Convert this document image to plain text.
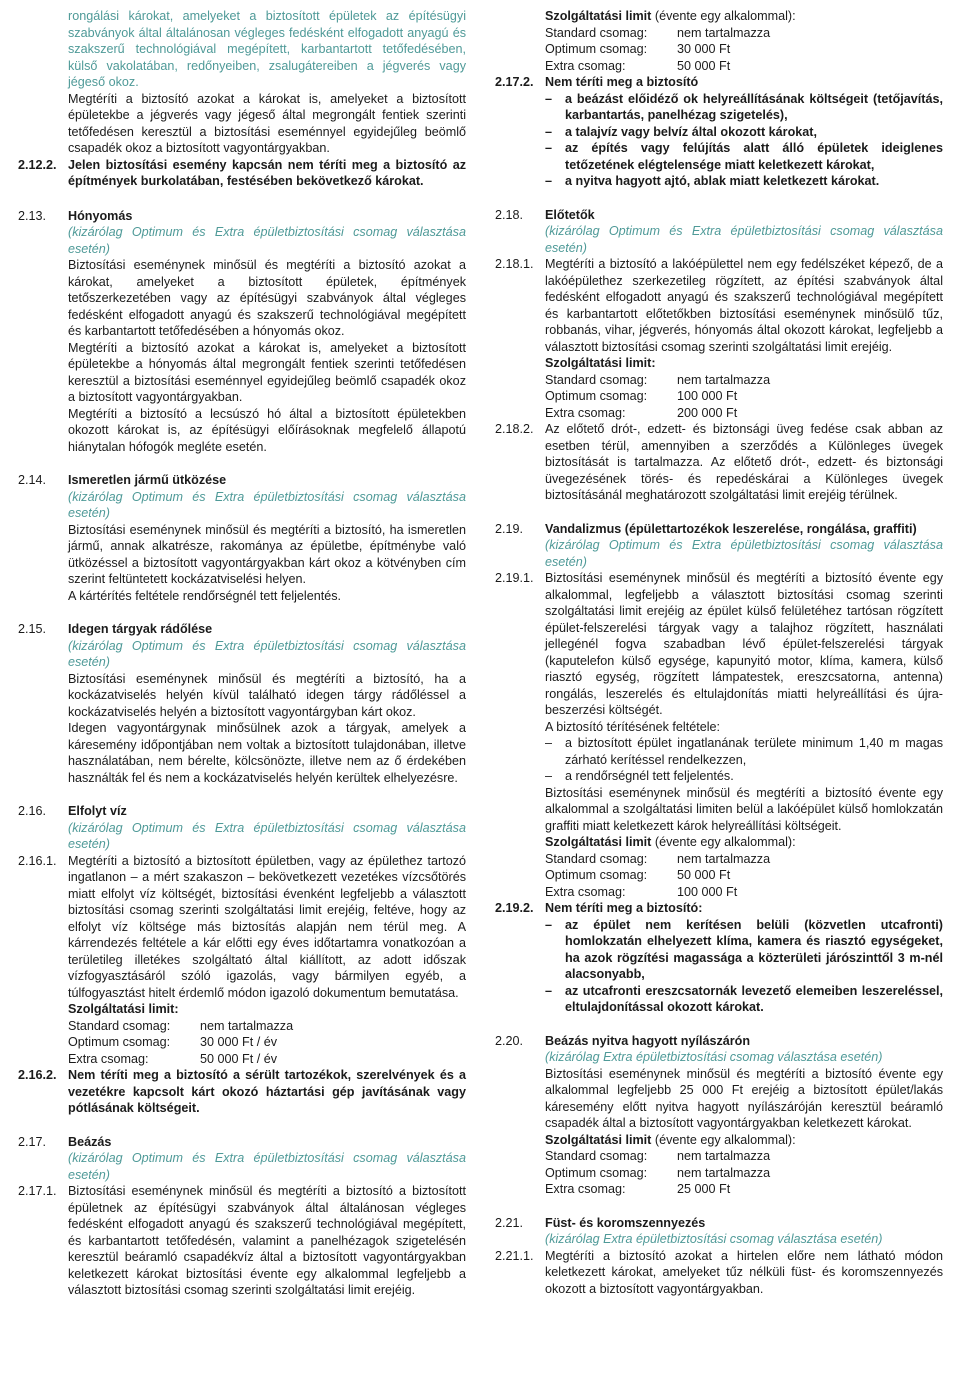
rongálási károkat, amelyeket a biztosított épületek az építésügyi szabványok által általánosan végleges fedésként elfogadott anyagú és szakszerű technológiával megépített, karbantartott tetőfedésében, külső vakolatában, redőnyeiben, zsalugátereiben a jégverés vagy jégeső okoz.

Megtéríti a biztosító azokat a károkat is, amelyeket a biztosított épületekbe a jégverés vagy jégeső által megrongált fentiek szerinti tetőfedésen keresztül a biztosítási eseménnyel egyidejűleg beömlő csapadék okoz a biztosított vagyontárgyakban.

2.12.2. Jelen biztosítási esemény kapcsán nem téríti meg a biztosító az építmények burkolatában, festésében bekövetkező károkat.
2.13.	Hónyomás

(kizárólag Optimum és Extra épületbiztosítási csomag választása esetén)

Biztosítási eseménynek minősül és megtéríti a biztosító azokat a károkat, amelyeket a biztosított épületek, építmények tetőszerkezetében vagy az építésügyi szabványok által végleges fedésként elfogadott anyagú és szakszerű technológiával megépített és karbantartott tetőfedésében a hónyomás okoz.

Megtéríti a biztosító azokat a károkat is, amelyeket a biztosított épületekbe a hónyomás által megrongált fentiek szerinti tetőfedésen keresztül a biztosítási eseménnyel egyidejűleg beömlő csapadék okoz a biztosított vagyontárgyakban.

Megtéríti a biztosító a lecsúszó hó által a biztosított épületekben okozott károkat is, az építésügyi előírásoknak megfelelő állapotú hiánytalan hófogók megléte esetén.

2.14.	Ismeretlen jármű ütközése

(kizárólag Optimum és Extra épületbiztosítási csomag választása esetén)

Biztosítási eseménynek minősül és megtéríti a biztosító, ha ismeretlen jármű, annak alkatrésze, rakománya az épületbe, építménybe való ütközéssel a biztosított vagyontárgyakban kárt okoz a kötvényben cím szerint feltüntetett kockázatviselési helyen.

A kártérítés feltétele rendőrségnél tett feljelentés.

2.15.	Idegen tárgyak rádőlése

(kizárólag Optimum és Extra épületbiztosítási csomag választása esetén)

Biztosítási eseménynek minősül és megtéríti a biztosító, ha a kockázatviselés helyén kívül található idegen tárgy rádőléssel a kockázatviselés helyén a biztosított vagyontárgyban kárt okoz.

Idegen vagyontárgynak minősülnek azok a tárgyak, amelyek a káresemény időpontjában nem voltak a biztosított tulajdonában, illetve használatában, nem bérelte, kölcsönözte, illetve nem az ő érdekében használták fel és nem a kockázatviselés helyén kerültek elhelyezésre.

2.16.	Elfolyt víz

(kizárólag Optimum és Extra épületbiztosítási csomag választása esetén)

2.16.1. Megtéríti a biztosító a biztosított épületben, vagy az épülethez tartozó ingatlanon – a mért szakaszon – bekövetkezett vezetékes vízcsőtörés miatt elfolyt víz költségét, biztosítási évenként legfeljebb a választott biztosítási csomag szerinti szolgáltatási limit erejéig, feltéve, hogy az elfolyt víz költsége más biztosítás alapján nem térül meg. A kárrendezés feltétele a kár előtti egy éves időtartamra vonatkozóan a területileg illetékes szolgáltató által kiállított, az adott időszak vízfogyasztásáról szóló igazolás, vagy bármilyen egyéb, a túlfogyasztást hitelt érdemlő módon igazoló dokumentum bemutatása.

Szolgáltatási limit:

Standard csomag:	nem tartalmazza
Optimum csomag:	30 000 Ft / év
Extra csomag:	50 000 Ft / év
2.16.2. Nem téríti meg a biztosító a sérült tartozékok, szerelvények és a vezetékre kapcsolt kárt okozó háztartási gép javításának vagy pótlásának költségeit.
2.17.	Beázás

(kizárólag Optimum és Extra épületbiztosítási csomag választása esetén)

2.17.1. Biztosítási eseménynek minősül és megtéríti a biztosító a biztosított épületnek az építésügyi szabványok által általánosan végleges fedésként elfogadott anyagú és szakszerű technológiával megépített, és karbantartott tetőfedésén, valamint a panelhézagok szigetelésén keresztül beáramló csapadékvíz által a biztosított vagyontárgyakban keletkezett károkat biztosítási évente egy alkalommal legfeljebb a választott biztosítási csomag szerinti szolgáltatási limit erejéig.

Szolgáltatási limit (évente egy alkalommal):

Standard csomag:	nem tartalmazza
Optimum csomag:	30 000 Ft
Extra csomag:	50 000 Ft
2.17.2. Nem téríti meg a biztosító

–	a beázást előidéző ok helyreállításának költségeit (tetőjavítás, karbantartás, panelhézag szigetelés),
–	a talajvíz vagy belvíz által okozott károkat,
–	az építés vagy felújítás alatt álló épületek ideiglenes tetőzetének elégtelensége miatt keletkezett károkat,
–	a nyitva hagyott ajtó, ablak miatt keletkezett károkat.
2.18.	Előtetők

(kizárólag Optimum és Extra épületbiztosítási csomag választása esetén)

2.18.1. Megtéríti a biztosító a lakóépülettel nem egy fedélszéket képező, de a lakóépülethez szerkezetileg rögzített, az építési szabványok által fedésként elfogadott anyagú és szakszerű technológiával megépített és karbantartott előtetőkben biztosítási eseménynek minősülő tűz, robbanás, vihar, jégverés, hónyomás által okozott károkat, legfeljebb a választott biztosítási csomag szerinti szolgáltatási limit erejéig.

Szolgáltatási limit:

Standard csomag:	nem tartalmazza
Optimum csomag:	100 000 Ft
Extra csomag:	200 000 Ft
2.18.2. Az előtető drót-, edzett- és biztonsági üveg fedése csak abban az esetben térül, amennyiben a szerződés a Különleges üvegek biztosítását is tartalmazza. Az előtető drót-, edzett- és biztonsági üvegezésének törés- és repedéskárai a Különleges üvegek biztosításánál meghatározott szolgáltatási limit erejéig térülnek.
2.19.	Vandalizmus (épülettartozékok leszerelése, rongálása, graffiti)

(kizárólag Optimum és Extra épületbiztosítási csomag választása esetén)

2.19.1. Biztosítási eseménynek minősül és megtéríti a biztosító évente egy alkalommal, legfeljebb a választott biztosítási csomag szerinti szolgáltatási limit erejéig az épület külső felületéhez tartósan rögzített épület-felszerelési tárgyak vagy a talajhoz rögzített, használati jellegénél fogva szabadban lévő épület-felszerelési tárgyak (kaputelefon külső egysége, kapunyitó motor, klíma, kamera, külső riasztó egység, rögzített lámpatestek, ereszcsatorna, antenna) rongálás, leszerelés és eltulajdonítás miatti helyreállítási és újra-beszerzési költségét.

A biztosító térítésének feltétele:

–	a biztosított épület ingatlanának területe minimum 1,40 m magas zárható kerítéssel rendelkezzen,
–	a rendőrségnél tett feljelentés.

Biztosítási eseménynek minősül és megtéríti a biztosító évente egy alkalommal a szolgáltatási limiten belül a lakóépület külső homlokzatán graffiti miatt keletkezett károk helyreállítási költségeit.

Szolgáltatási limit (évente egy alkalommal):

Standard csomag:	nem tartalmazza
Optimum csomag:	50 000 Ft
Extra csomag:	100 000 Ft
2.19.2. Nem téríti meg a biztosító:

–	az épület nem kerítésen belüli (közvetlen utcafronti) homlokzatán elhelyezett klíma, kamera és riasztó egységeket, ha azok rögzítési magassága a közterületi járószinttől 3 m-nél alacsonyabb,
–	az utcafronti ereszcsatornák levezető elemeiben leszereléssel, eltulajdonítással okozott károkat.
2.20.	Beázás nyitva hagyott nyílászárón

(kizárólag Extra épületbiztosítási csomag választása esetén)

Biztosítási eseménynek minősül és megtéríti a biztosító évente egy alkalommal legfeljebb 25 000 Ft erejéig a biztosított épület/lakás káresemény előtt nyitva hagyott nyílászáróján keresztül beáramló csapadék által a biztosított vagyontárgyakban keletkezett károkat.

Szolgáltatási limit (évente egy alkalommal):

Standard csomag:	nem tartalmazza
Optimum csomag:	nem tartalmazza
Extra csomag:	25 000 Ft
2.21.	Füst- és koromszennyezés

(kizárólag Extra épületbiztosítási csomag választása esetén)

2.21.1. Megtéríti a biztosító azokat a hirtelen előre nem látható módon keletkezett károkat, amelyeket tűz nélküli füst- és koromszennyezés okozott a biztosított vagyontárgyakban.
